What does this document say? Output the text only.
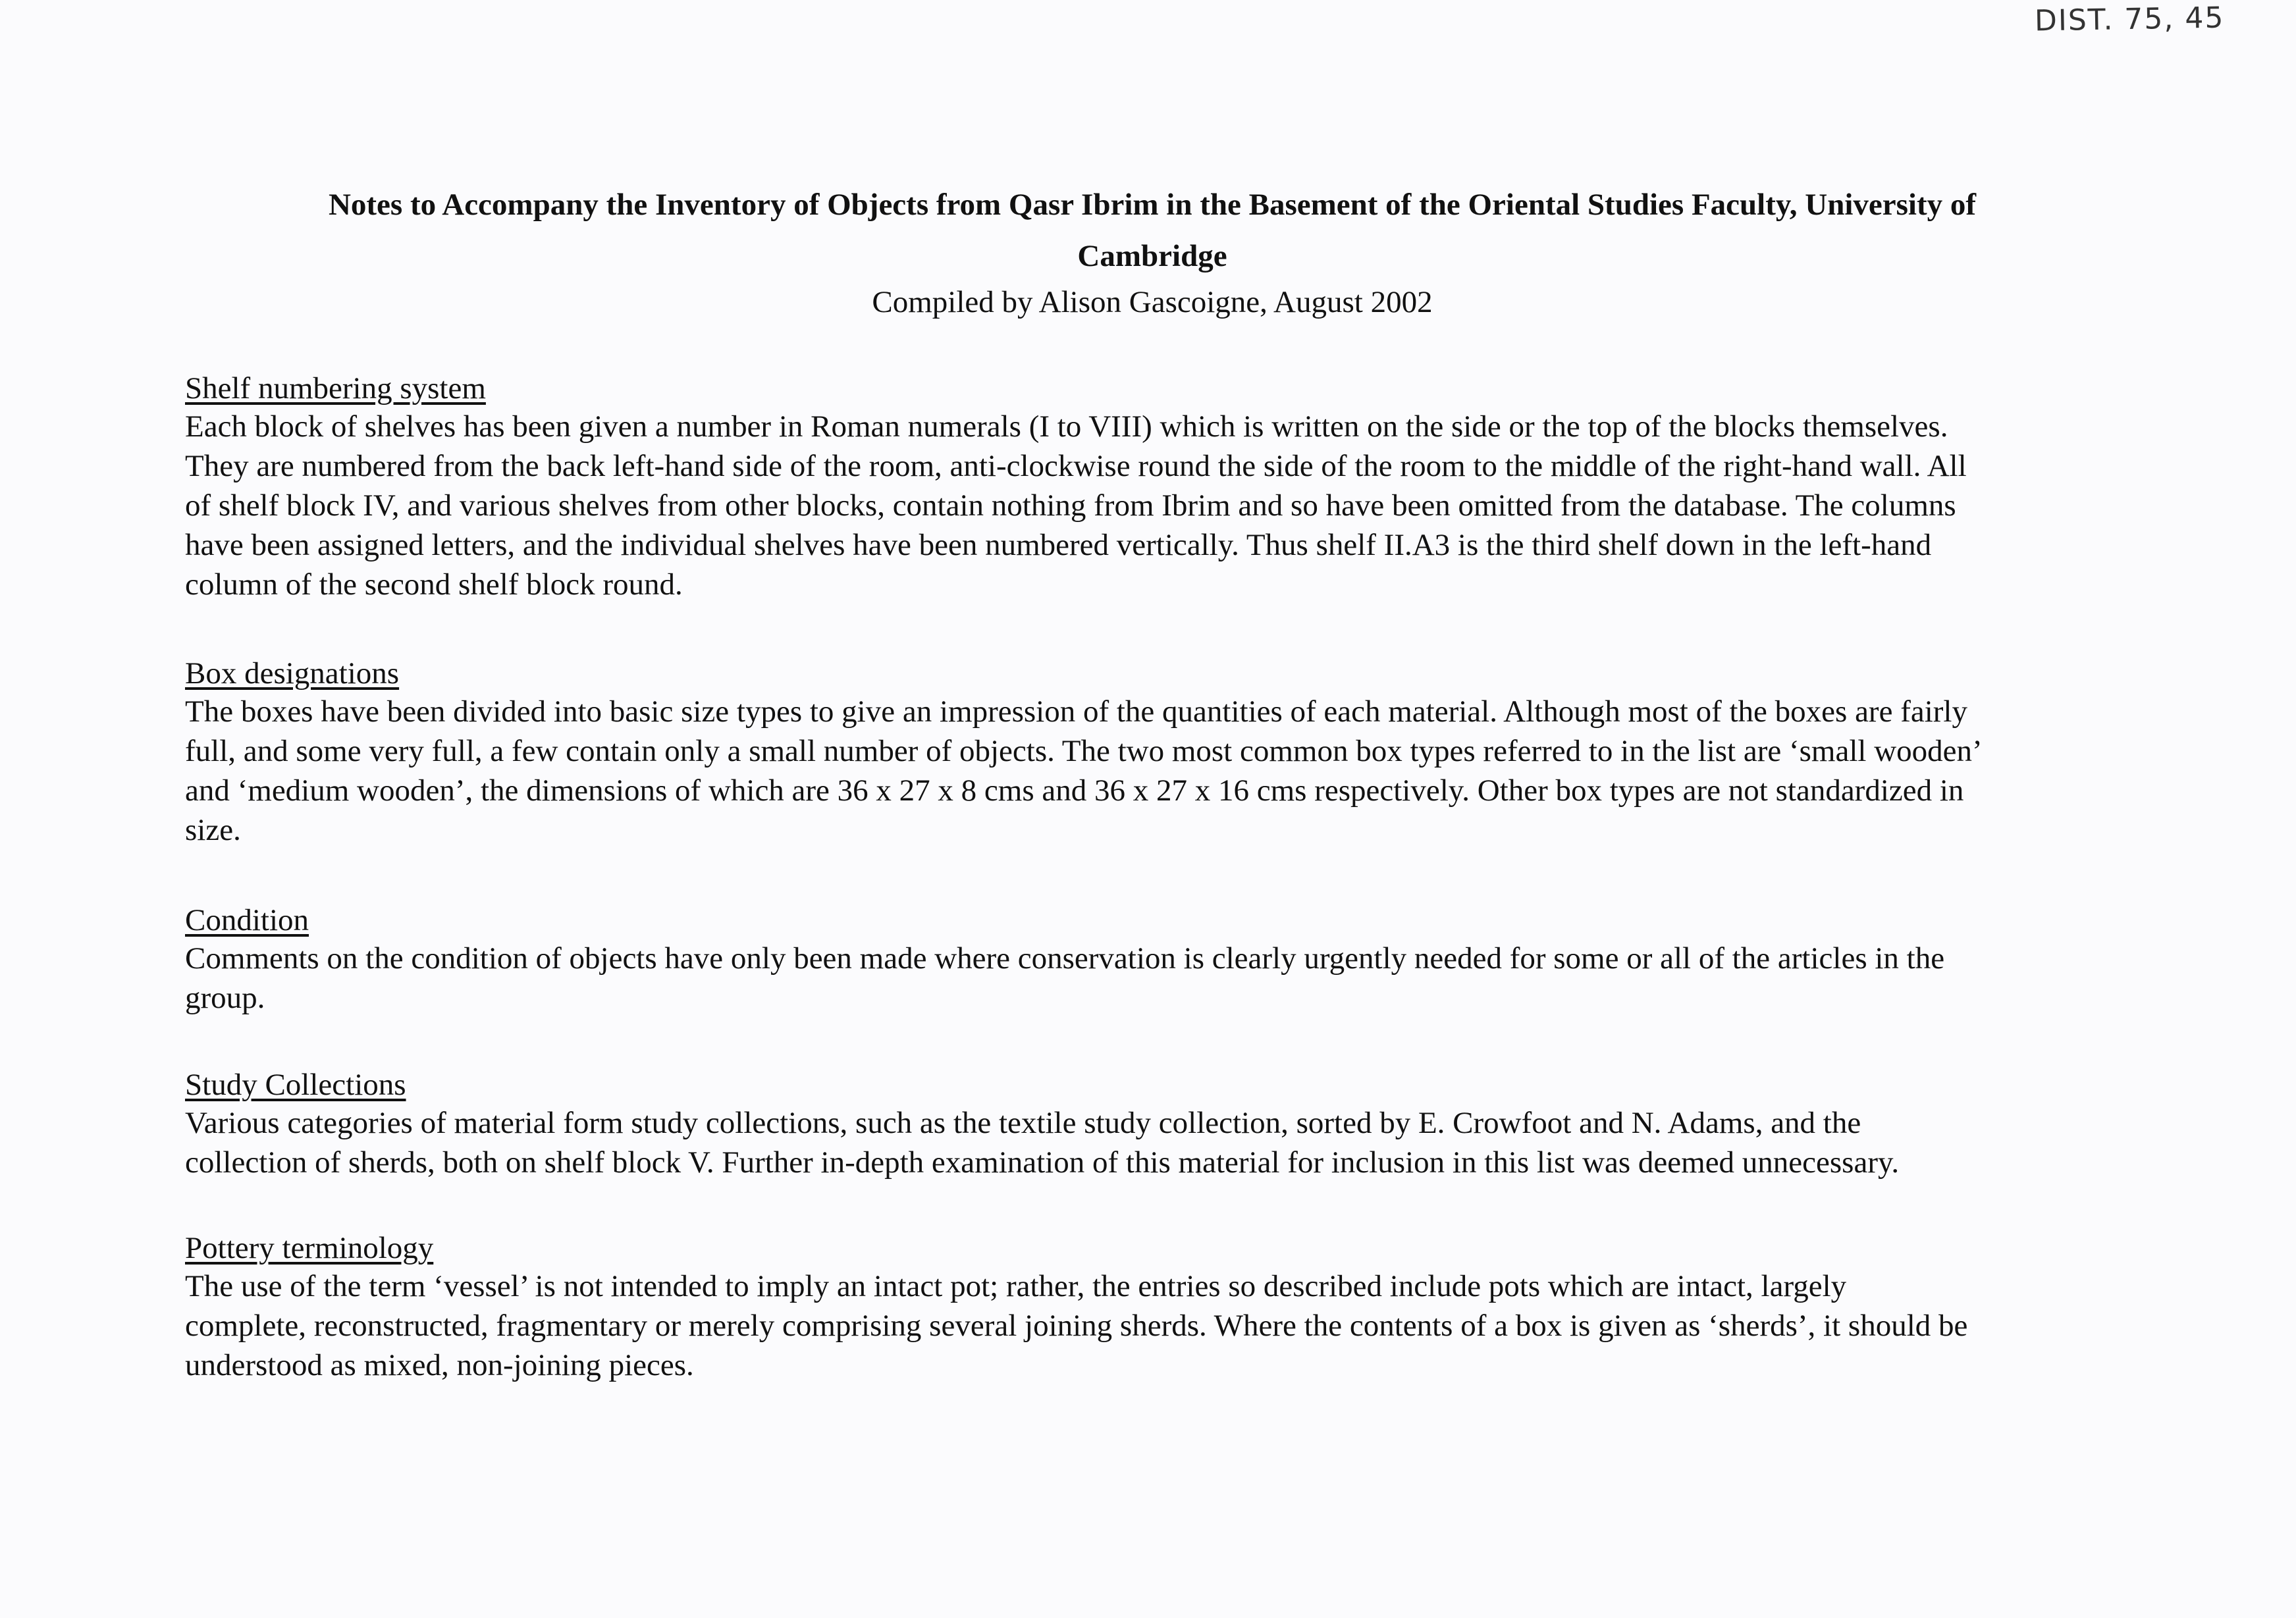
DIST. 75, 45
Notes to Accompany the Inventory of Objects from Qasr Ibrim in the Basement of the Oriental Studies Faculty, University of
Cambridge
Compiled by Alison Gascoigne, August 2002
Shelf numbering system

Each block of shelves has been given a number in Roman numerals (I to VIII) which is written on the side or the top of the blocks themselves.
They are numbered from the back left-hand side of the room, anti-clockwise round the side of the room to the middle of the right-hand wall. All
of shelf block IV, and various shelves from other blocks, contain nothing from Ibrim and so have been omitted from the database. The columns
have been assigned letters, and the individual shelves have been numbered vertically. Thus shelf II.A3 is the third shelf down in the left-hand
column of the second shelf block round.

Box designations

The boxes have been divided into basic size types to give an impression of the quantities of each material. Although most of the boxes are fairly
full, and some very full, a few contain only a small number of objects. The two most common box types referred to in the list are ‘small wooden’
and ‘medium wooden’, the dimensions of which are 36 x 27 x 8 cms and 36 x 27 x 16 cms respectively. Other box types are not standardized in
size.

Condition

Comments on the condition of objects have only been made where conservation is clearly urgently needed for some or all of the articles in the
group.

Study Collections

Various categories of material form study collections, such as the textile study collection, sorted by E. Crowfoot and N. Adams, and the
collection of sherds, both on shelf block V. Further in-depth examination of this material for inclusion in this list was deemed unnecessary.

Pottery terminology

The use of the term ‘vessel’ is not intended to imply an intact pot; rather, the entries so described include pots which are intact, largely
complete, reconstructed, fragmentary or merely comprising several joining sherds. Where the contents of a box is given as ‘sherds’, it should be
understood as mixed, non-joining pieces.
